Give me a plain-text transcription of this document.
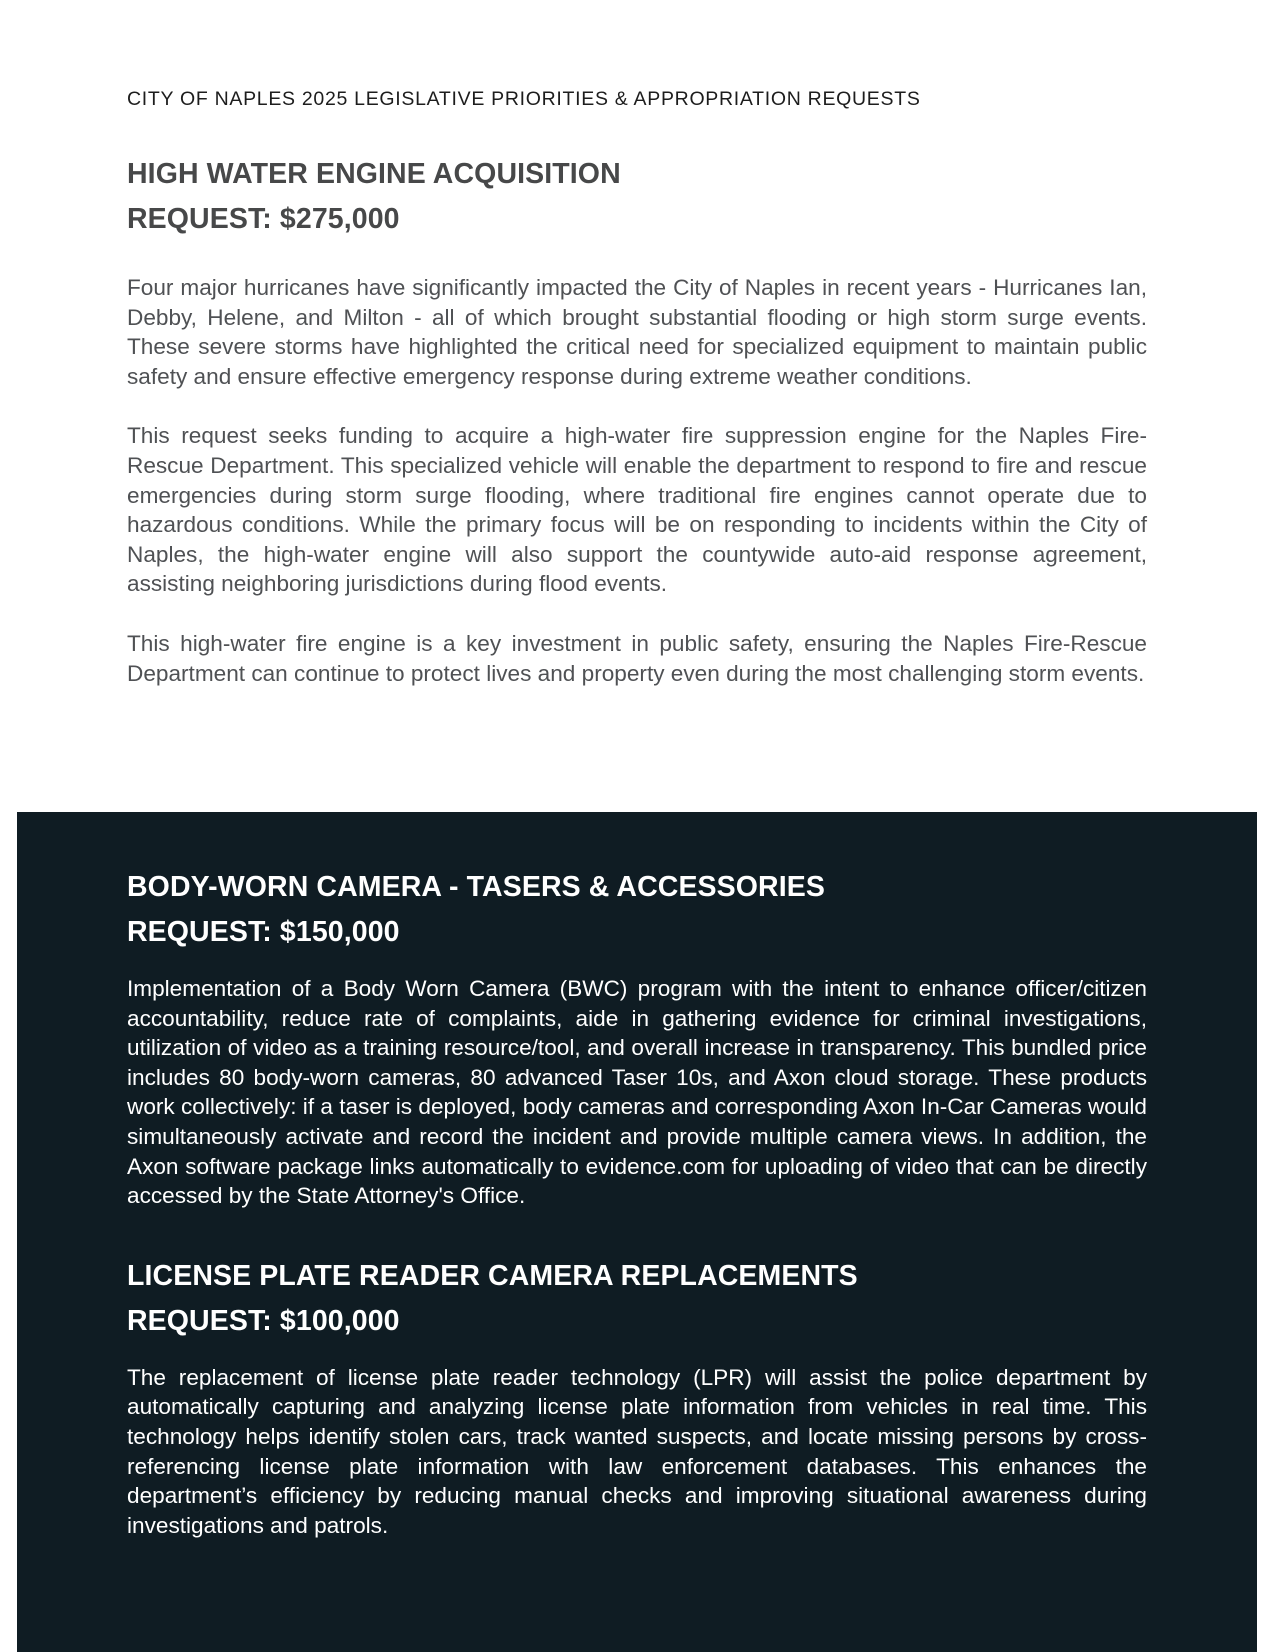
CITY OF NAPLES 2025 LEGISLATIVE PRIORITIES & APPROPRIATION REQUESTS
HIGH WATER ENGINE ACQUISITION
REQUEST: $275,000

Four major hurricanes have significantly impacted the City of Naples in recent years - Hurricanes Ian, Debby, Helene, and Milton - all of which brought substantial flooding or high storm surge events. These severe storms have highlighted the critical need for specialized equipment to maintain public safety and ensure effective emergency response during extreme weather conditions.

This request seeks funding to acquire a high-water fire suppression engine for the Naples Fire-Rescue Department. This specialized vehicle will enable the department to respond to fire and rescue emergencies during storm surge flooding, where traditional fire engines cannot operate due to hazardous conditions. While the primary focus will be on responding to incidents within the City of Naples, the high-water engine will also support the countywide auto-aid response agreement, assisting neighboring jurisdictions during flood events.

This high-water fire engine is a key investment in public safety, ensuring the Naples Fire-Rescue Department can continue to protect lives and property even during the most challenging storm events.

BODY-WORN CAMERA - TASERS & ACCESSORIES
REQUEST: $150,000

Implementation of a Body Worn Camera (BWC) program with the intent to enhance officer/citizen accountability, reduce rate of complaints, aide in gathering evidence for criminal investigations, utilization of video as a training resource/tool, and overall increase in transparency. This bundled price includes 80 body-worn cameras, 80 advanced Taser 10s, and Axon cloud storage. These products work collectively: if a taser is deployed, body cameras and corresponding Axon In-Car Cameras would simultaneously activate and record the incident and provide multiple camera views. In addition, the Axon software package links automatically to evidence.com for uploading of video that can be directly accessed by the State Attorney's Office.

LICENSE PLATE READER CAMERA REPLACEMENTS
REQUEST: $100,000

The replacement of license plate reader technology (LPR) will assist the police department by automatically capturing and analyzing license plate information from vehicles in real time. This technology helps identify stolen cars, track wanted suspects, and locate missing persons by cross-referencing license plate information with law enforcement databases. This enhances the department’s efficiency by reducing manual checks and improving situational awareness during investigations and patrols.
